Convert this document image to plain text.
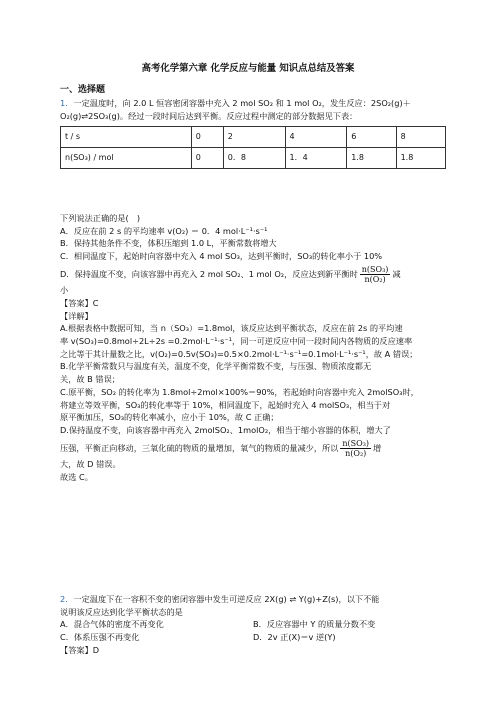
高考化学第六章 化学反应与能量 知识点总结及答案
一、选择题
1．一定温度时，向 2.0 L 恒容密闭容器中充入 2 mol SO₂ 和 1 mol O₂，发生反应：2SO₂(g)＋
O₂(g)⇌2SO₃(g)。经过一段时间后达到平衡。反应过程中测定的部分数据见下表：
t / s	0	2	4	6	8
n(SO₃) / mol	0	0．8	1．4	1.8	1.8
下列说法正确的是(　)
A．反应在前 2 s 的平均速率 v(O₂) ＝ 0．4 mol·L⁻¹·s⁻¹
B．保持其他条件不变，体积压缩到 1.0 L，平衡常数将增大
C．相同温度下，起始时向容器中充入 4 mol SO₃，达到平衡时，SO₃的转化率小于 10%
D．保持温度不变，向该容器中再充入 2 mol SO₂、1 mol O₂，反应达到新平衡时 $\frac{\text{n(SO₃)}}{\text{n(O₂)}}$ 减
小
【答案】C
【详解】
A.根据表格中数据可知，当 n（SO₃）=1.8mol，该反应达到平衡状态，反应在前 2s 的平均速
率 v(SO₃)=0.8mol÷2L÷2s =0.2mol·L⁻¹·s⁻¹，同一可逆反应中同一段时间内各物质的反应速率
之比等于其计量数之比，v(O₂)=0.5v(SO₃)=0.5×0.2mol·L⁻¹·s⁻¹=0.1mol·L⁻¹·s⁻¹，故 A 错误；
B.化学平衡常数只与温度有关，温度不变，化学平衡常数不变，与压强、物质浓度都无
关，故 B 错误；
C.原平衡，SO₂ 的转化率为 1.8mol÷2mol×100%＝90%，若起始时向容器中充入 2molSO₃时，
将建立等效平衡，SO₃的转化率等于 10%，相同温度下，起始时充入 4 molSO₃，相当于对
原平衡加压，SO₃的转化率减小，应小于 10%，故 C 正确；
D.保持温度不变，向该容器中再充入 2molSO₂、1molO₂，相当于缩小容器的体积，增大了
压强，平衡正向移动，三氧化硫的物质的量增加，氧气的物质的量减少，所以 $\frac{\text{n(SO₃)}}{\text{n(O₂)}}$ 增
大，故 D 错误。
故选 C。
2．一定温度下在一容积不变的密闭容器中发生可逆反应 2X(g) ⇌ Y(g)+Z(s)，以下不能
说明该反应达到化学平衡状态的是
A．混合气体的密度不再变化	B．反应容器中 Y 的质量分数不变
C．体系压强不再变化	D．2v 正(X)＝v 逆(Y)
【答案】D
